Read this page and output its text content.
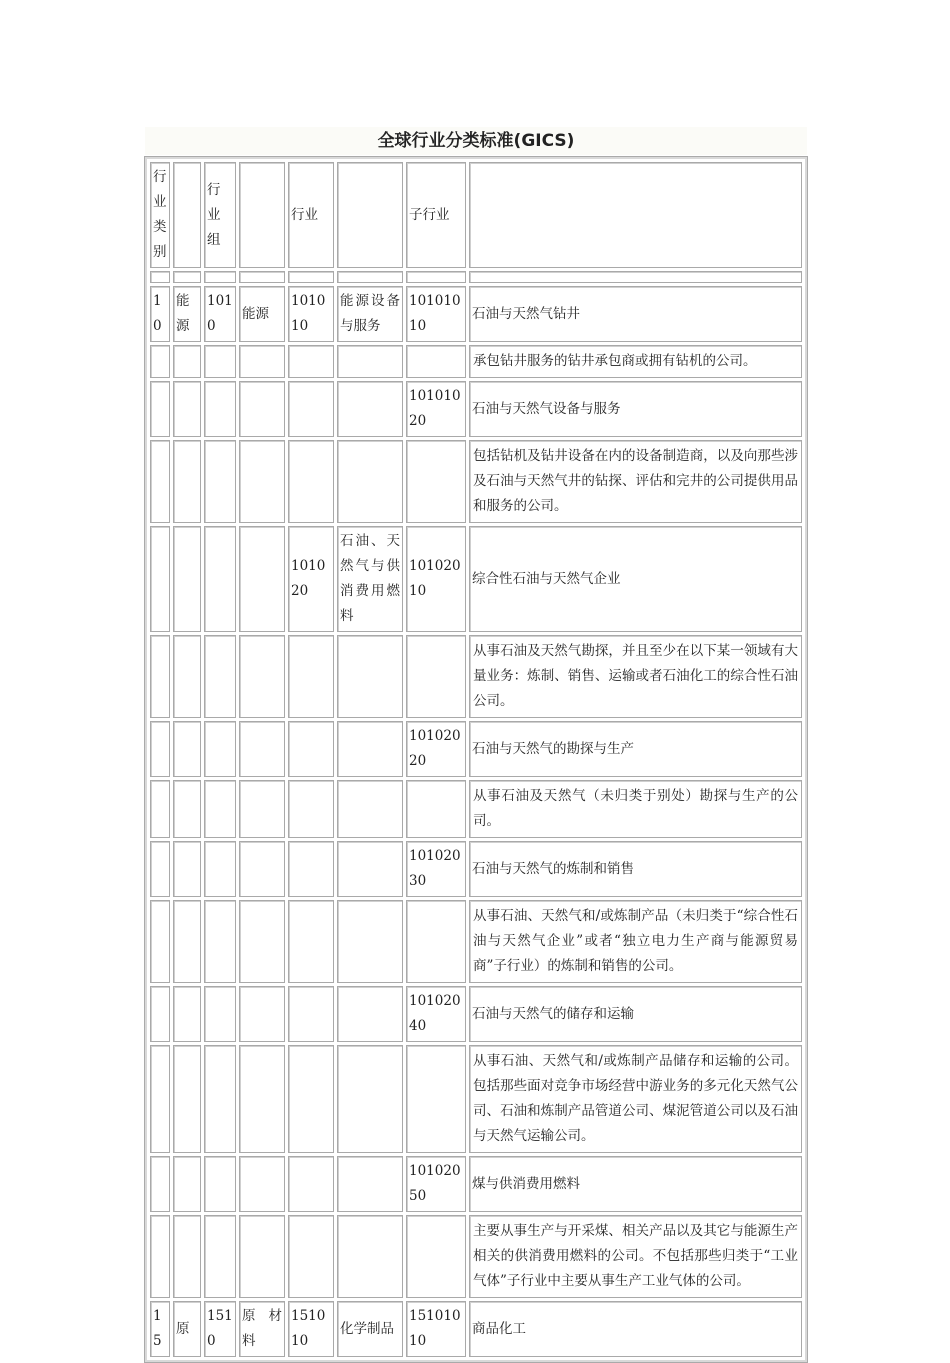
全球行业分类标准(GICS)
行业类别		行业组		行业		子行业	

10	能源	1010	能源	101010	能源设备与服务	10101010	石油与天然气钻井
							承包钻井服务的钻井承包商或拥有钻机的公司。
						10101020	石油与天然气设备与服务
							包括钻机及钻井设备在内的设备制造商，以及向那些涉及石油与天然气井的钻探、评估和完井的公司提供用品和服务的公司。
				101020	石油、天然气与供消费用燃料	10102010	综合性石油与天然气企业
							从事石油及天然气勘探，并且至少在以下某一领域有大量业务：炼制、销售、运输或者石油化工的综合性石油公司。
						10102020	石油与天然气的勘探与生产
							从事石油及天然气（未归类于别处）勘探与生产的公司。
						10102030	石油与天然气的炼制和销售
							从事石油、天然气和/或炼制产品（未归类于“综合性石油与天然气企业”或者“独立电力生产商与能源贸易商”子行业）的炼制和销售的公司。
						10102040	石油与天然气的储存和运输
							从事石油、天然气和/或炼制产品储存和运输的公司。包括那些面对竞争市场经营中游业务的多元化天然气公司、石油和炼制产品管道公司、煤泥管道公司以及石油与天然气运输公司。
						10102050	煤与供消费用燃料
							主要从事生产与开采煤、相关产品以及其它与能源生产相关的供消费用燃料的公司。不包括那些归类于“工业气体”子行业中主要从事生产工业气体的公司。
15	原	1510	原材料	151010	化学制品	15101010	商品化工
